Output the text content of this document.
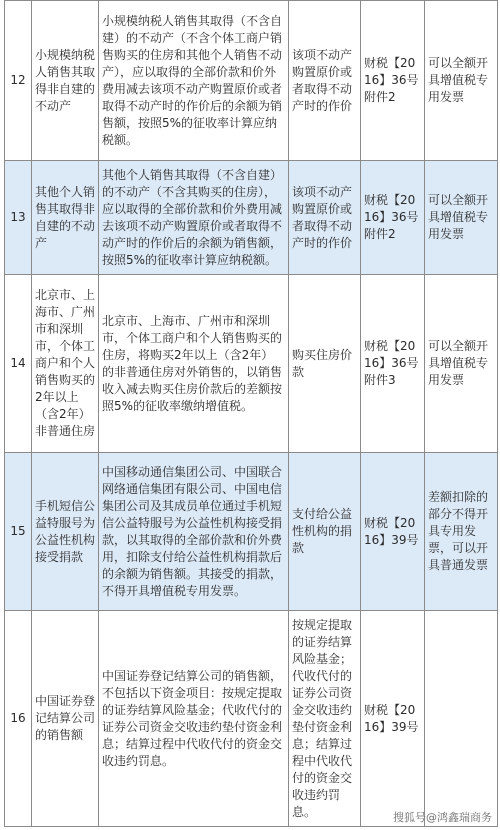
12	小规模纳税人销售其取得非自建的不动产	小规模纳税人销售其取得（不含自建）的不动产（不含个体工商户销售购买的住房和其他个人销售不动产），应以取得的全部价款和价外费用减去该项不动产购置原价或者取得不动产时的作价后的余额为销售额，按照5%的征收率计算应纳税额。	该项不动产购置原价或者取得不动产时的作价	财税【2016】36号附件2	可以全额开具增值税专用发票
13	其他个人销售其取得非自建的不动产	其他个人销售其取得（不含自建）的不动产（不含其购买的住房），应以取得的全部价款和价外费用减去该项不动产购置原价或者取得不动产时的作价后的余额为销售额，按照5%的征收率计算应纳税额。	该项不动产购置原价或者取得不动产时的作价	财税【2016】36号附件2	可以全额开具增值税专用发票
14	北京市、上海市、广州市和深圳市，个体工商户和个人销售购买的2年以上（含2年）非普通住房	北京市、上海市、广州市和深圳市，个体工商户和个人销售购买的住房，将购买2年以上（含2年）的非普通住房对外销售的，以销售收入减去购买住房价款后的差额按照5%的征收率缴纳增值税。	购买住房价款	财税【2016】36号附件3	可以全额开具增值税专用发票
15	手机短信公益特服号为公益性机构接受捐款	中国移动通信集团公司、中国联合网络通信集团有限公司、中国电信集团公司及其成员单位通过手机短信公益特服号为公益性机构接受捐款，以其取得的全部价款和价外费用，扣除支付给公益性机构捐款后的余额为销售额。其接受的捐款，不得开具增值税专用发票。	支付给公益性机构的捐款	财税【2016】39号	差额扣除的部分不得开具专用发票，可以开具普通发票
16	中国证券登记结算公司的销售额	中国证券登记结算公司的销售额，不包括以下资金项目：按规定提取的证券结算风险基金；代收代付的证券公司资金交收违约垫付资金利息；结算过程中代收代付的资金交收违约罚息。	按规定提取的证券结算风险基金；代收代付的证券公司资金交收违约垫付资金利息；结算过程中代收代付的资金交收违约罚息。	财税【2016】39号	
搜狐号@鸿鑫瑞商务
